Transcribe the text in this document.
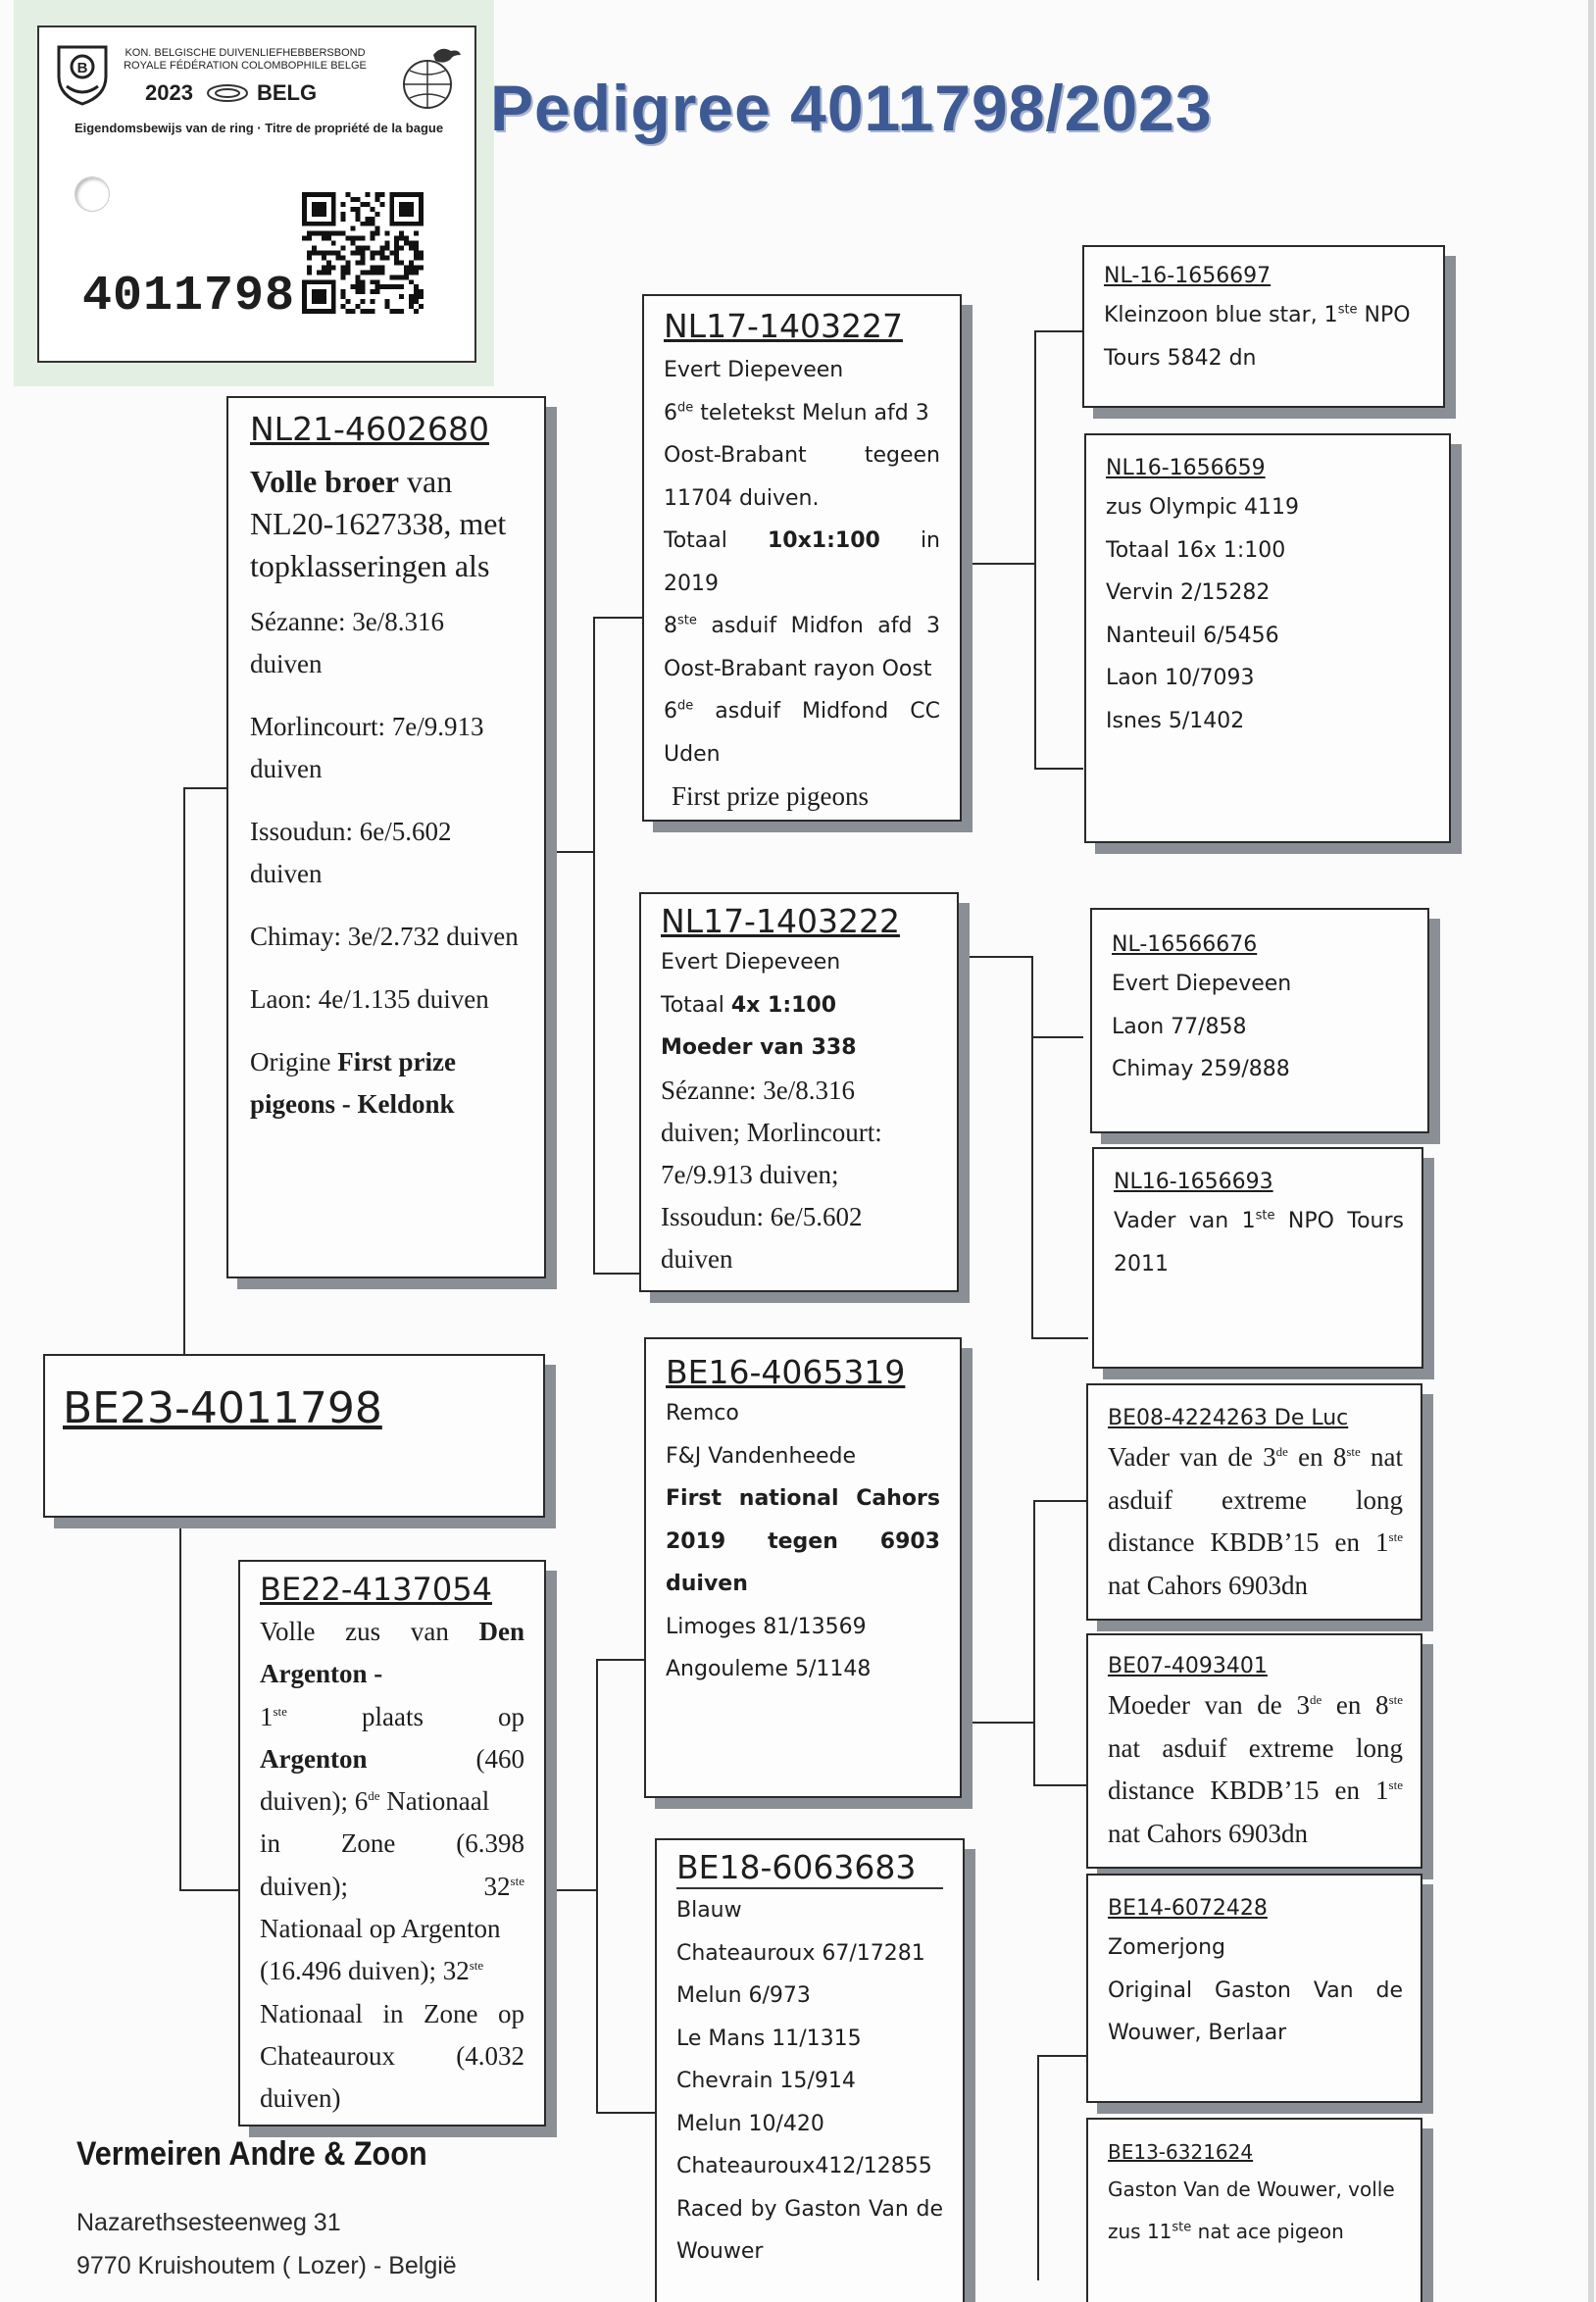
B
KON. BELGISCHE DUIVENLIEFHEBBERSBOND
ROYALE FÉDÉRATION COLOMBOPHILE BELGE
2023	BELG
Eigendomsbewijs van de ring · Titre de propriété de la bague
4011798
Pedigree 4011798/2023
BE23-4011798
NL21-4602680

Volle broer van NL20-1627338, met topklasseringen als

Sézanne: 3e/8.316 duiven

Morlincourt: 7e/9.913 duiven

Issoudun: 6e/5.602 duiven

Chimay: 3e/2.732 duiven

Laon: 4e/1.135 duiven

Origine First prize pigeons - Keldonk

BE22-4137054

Volle zus van Den

Argenton -

1ste plaats op

Argenton (460

duiven); 6de Nationaal

in Zone (6.398

duiven); 32ste

Nationaal op Argenton

(16.496 duiven); 32ste

Nationaal in Zone op

Chateauroux (4.032

duiven)

NL17-1403227

Evert Diepeveen

6de teletekst Melun afd 3

Oost-Brabant tegeen

11704 duiven.

Totaal 10x1:100 in

2019

8ste asduif Midfon afd 3

Oost-Brabant rayon Oost

6de asduif Midfond CC

Uden

First prize pigeons

NL17-1403222

Evert Diepeveen

Totaal 4x 1:100

Moeder van 338

Sézanne: 3e/8.316

duiven; Morlincourt:

7e/9.913 duiven;

Issoudun: 6e/5.602

duiven

BE16-4065319

Remco

F&J Vandenheede

First national Cahors

2019 tegen 6903

duiven

Limoges 81/13569

Angouleme 5/1148

BE18-6063683

Blauw

Chateauroux 67/17281

Melun 6/973

Le Mans 11/1315

Chevrain 15/914

Melun 10/420

Chateauroux412/12855

Raced by Gaston Van de

Wouwer

NL-16-1656697

Kleinzoon blue star, 1ste NPO

Tours 5842 dn

NL16-1656659

zus Olympic 4119

Totaal 16x 1:100

Vervin 2/15282

Nanteuil 6/5456

Laon 10/7093

Isnes 5/1402

NL-16566676

Evert Diepeveen

Laon 77/858

Chimay 259/888

NL16-1656693

Vader van 1ste NPO Tours

2011

BE08-4224263 De Luc

Vader van de 3de en 8ste nat

asduif extreme long

distance KBDB’15 en 1ste

nat Cahors 6903dn

BE07-4093401

Moeder van de 3de en 8ste

nat asduif extreme long

distance KBDB’15 en 1ste

nat Cahors 6903dn

BE14-6072428

Zomerjong

Original Gaston Van de

Wouwer, Berlaar

BE13-6321624

Gaston Van de Wouwer, volle

zus 11ste nat ace pigeon

Vermeiren Andre & Zoon
Nazarethsesteenweg 31
9770 Kruishoutem ( Lozer) - België
